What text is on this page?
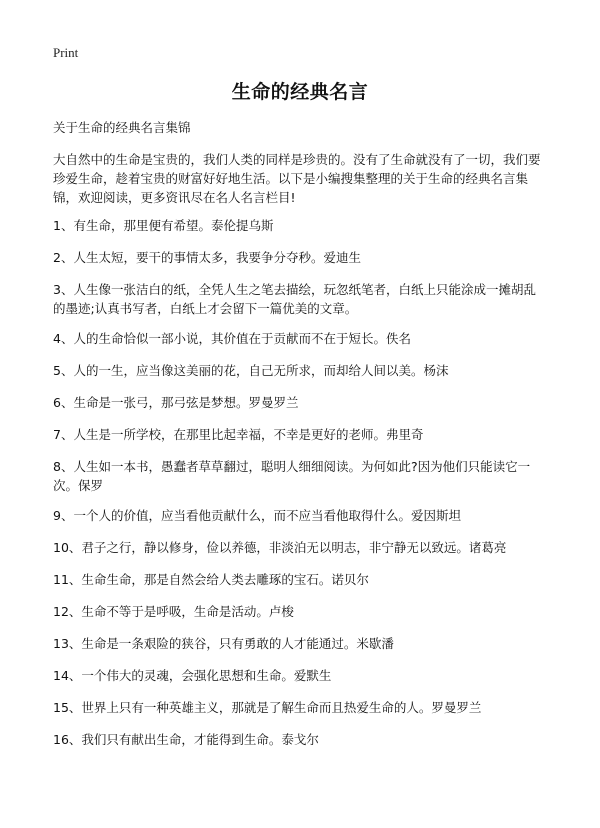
Print
生命的经典名言
关于生命的经典名言集锦
大自然中的生命是宝贵的，我们人类的同样是珍贵的。没有了生命就没有了一切，我们要珍爱生命，趁着宝贵的财富好好地生活。以下是小编搜集整理的关于生命的经典名言集锦，欢迎阅读，更多资讯尽在名人名言栏目!
1、有生命，那里便有希望。泰伦提乌斯
2、人生太短，要干的事情太多，我要争分夺秒。爱迪生
3、人生像一张洁白的纸，全凭人生之笔去描绘，玩忽纸笔者，白纸上只能涂成一摊胡乱的墨迹;认真书写者，白纸上才会留下一篇优美的文章。
4、人的生命恰似一部小说，其价值在于贡献而不在于短长。佚名
5、人的一生，应当像这美丽的花，自己无所求，而却给人间以美。杨沫
6、生命是一张弓，那弓弦是梦想。罗曼罗兰
7、人生是一所学校，在那里比起幸福，不幸是更好的老师。弗里奇
8、人生如一本书，愚蠢者草草翻过，聪明人细细阅读。为何如此?因为他们只能读它一次。保罗
9、一个人的价值，应当看他贡献什么，而不应当看他取得什么。爱因斯坦
10、君子之行，静以修身，俭以养德，非淡泊无以明志，非宁静无以致远。诸葛亮
11、生命生命，那是自然会给人类去雕琢的宝石。诺贝尔
12、生命不等于是呼吸，生命是活动。卢梭
13、生命是一条艰险的狭谷，只有勇敢的人才能通过。米歇潘
14、一个伟大的灵魂，会强化思想和生命。爱默生
15、世界上只有一种英雄主义，那就是了解生命而且热爱生命的人。罗曼罗兰
16、我们只有献出生命，才能得到生命。泰戈尔
